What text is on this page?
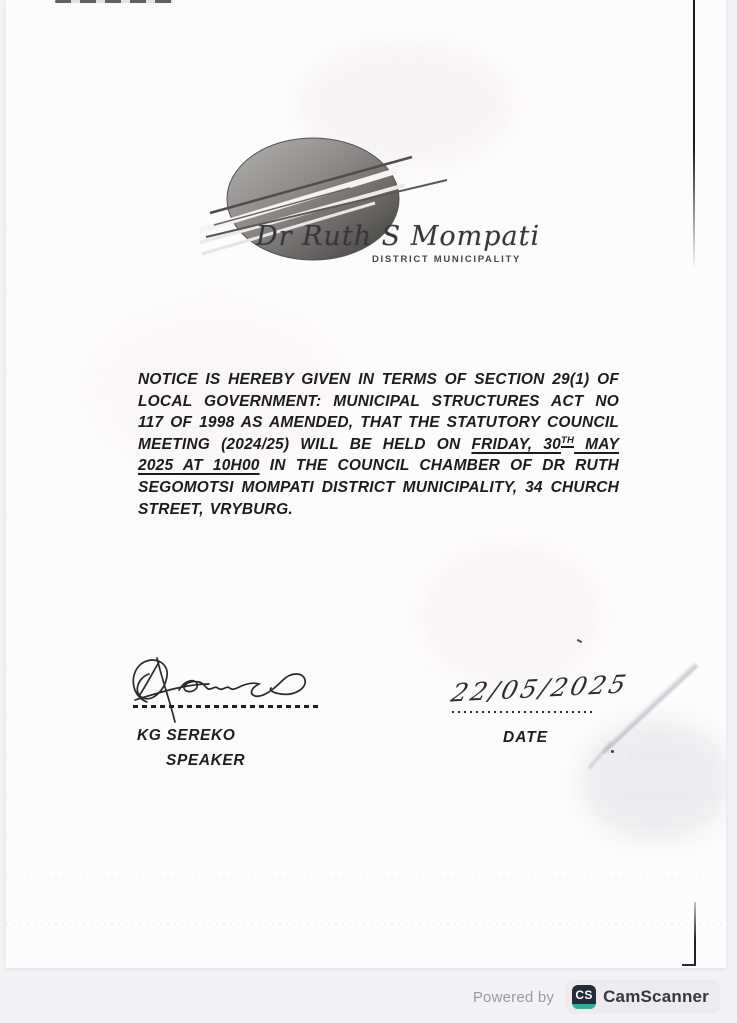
Dr Ruth S Mompati
DISTRICT MUNICIPALITY

NOTICE IS HEREBY GIVEN IN TERMS OF SECTION 29(1) OF LOCAL GOVERNMENT: MUNICIPAL STRUCTURES ACT NO 117 OF 1998 AS AMENDED, THAT THE STATUTORY COUNCIL MEETING (2024/25) WILL BE HELD ON FRIDAY, 30TH MAY 2025 AT 10H00 IN THE COUNCIL CHAMBER OF DR RUTH SEGOMOTSI MOMPATI DISTRICT MUNICIPALITY, 34 CHURCH STREET, VRYBURG.

22/05/2025
KG SEREKO
SPEAKER
DATE
Powered by CS CamScanner
